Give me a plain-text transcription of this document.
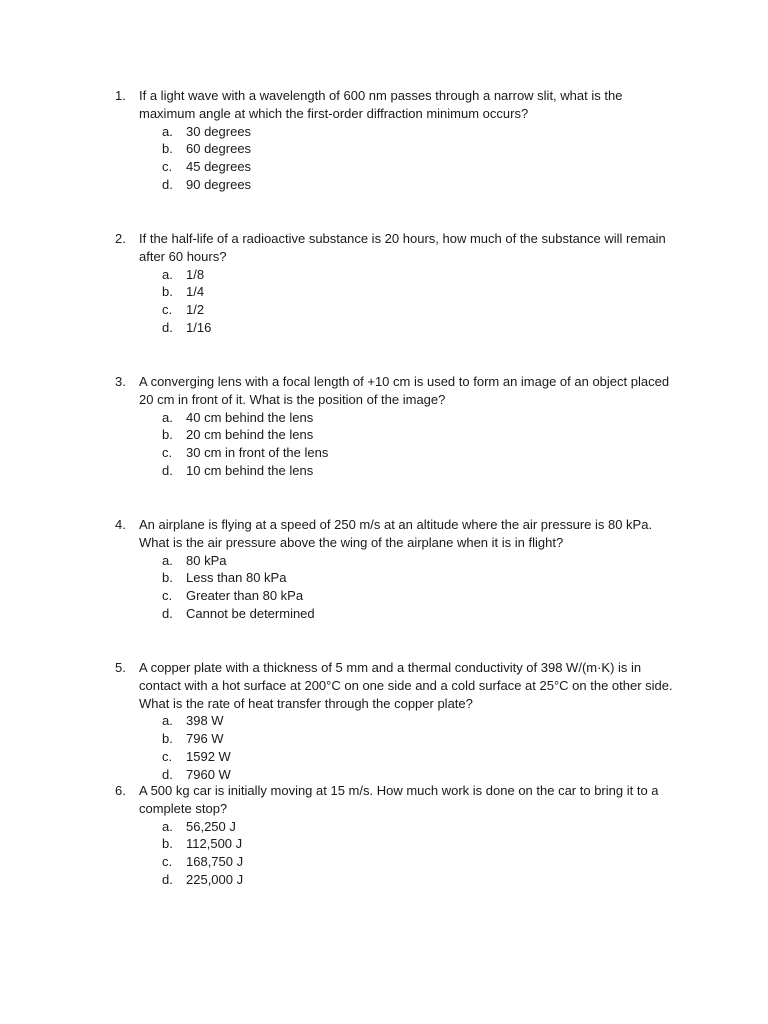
1.	If a light wave with a wavelength of 600 nm passes through a narrow slit, what is the maximum angle at which the first-order diffraction minimum occurs?
a.	30 degrees
b.	60 degrees
c.	45 degrees
d.	90 degrees
2.	If the half-life of a radioactive substance is 20 hours, how much of the substance will remain after 60 hours?
a.	1/8
b.	1/4
c.	1/2
d.	1/16
3.	A converging lens with a focal length of +10 cm is used to form an image of an object placed 20 cm in front of it. What is the position of the image?
a.	40 cm behind the lens
b.	20 cm behind the lens
c.	30 cm in front of the lens
d.	10 cm behind the lens
4.	An airplane is flying at a speed of 250 m/s at an altitude where the air pressure is 80 kPa. What is the air pressure above the wing of the airplane when it is in flight?
a.	80 kPa
b.	Less than 80 kPa
c.	Greater than 80 kPa
d.	Cannot be determined
5.	A copper plate with a thickness of 5 mm and a thermal conductivity of 398 W/(m·K) is in contact with a hot surface at 200°C on one side and a cold surface at 25°C on the other side. What is the rate of heat transfer through the copper plate?
a.	398 W
b.	796 W
c.	1592 W
d.	7960 W
6.	A 500 kg car is initially moving at 15 m/s. How much work is done on the car to bring it to a complete stop?
a.	56,250 J
b.	112,500 J
c.	168,750 J
d.	225,000 J
